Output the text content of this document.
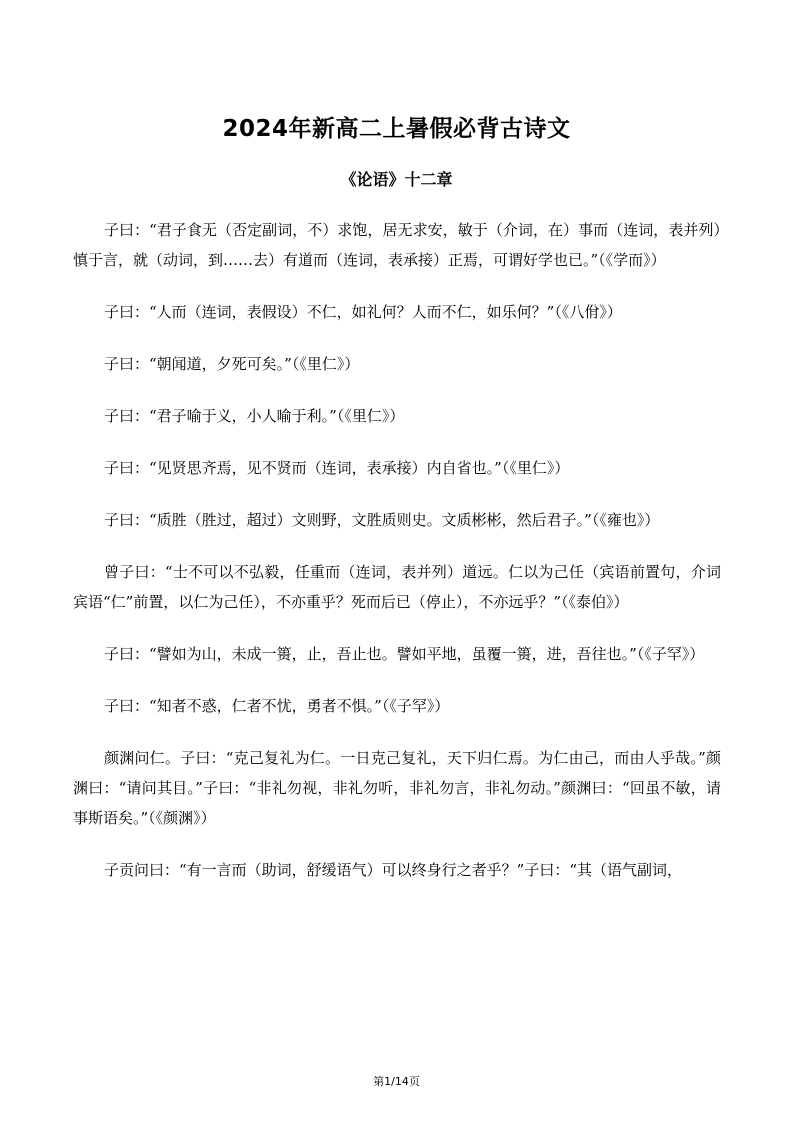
2024年新高二上暑假必背古诗文
《论语》十二章

子曰：“君子食无（否定副词，不）求饱，居无求安，敏于（介词，在）事而（连词，表并列）慎于言，就（动词，到……去）有道而（连词，表承接）正焉，可谓好学也已。”（《学而》）

子曰：“人而（连词，表假设）不仁，如礼何？人而不仁，如乐何？”（《八佾》）

子曰：“朝闻道，夕死可矣。”（《里仁》）

子曰：“君子喻于义，小人喻于利。”（《里仁》）

子曰：“见贤思齐焉，见不贤而（连词，表承接）内自省也。”（《里仁》）

子曰：“质胜（胜过，超过）文则野，文胜质则史。文质彬彬，然后君子。”（《雍也》）

曾子曰：“士不可以不弘毅，任重而（连词，表并列）道远。仁以为己任（宾语前置句，介词宾语“仁”前置，以仁为己任），不亦重乎？死而后已（停止），不亦远乎？”（《泰伯》）

子曰：“譬如为山，未成一篑，止，吾止也。譬如平地，虽覆一篑，进，吾往也。”（《子罕》）

子曰：“知者不惑，仁者不忧，勇者不惧。”（《子罕》）

颜渊问仁。子曰：“克己复礼为仁。一日克己复礼，天下归仁焉。为仁由己，而由人乎哉。”颜渊曰：“请问其目。”子曰：“非礼勿视，非礼勿听，非礼勿言，非礼勿动。”颜渊曰：“回虽不敏，请事斯语矣。”（《颜渊》）

子贡问曰：“有一言而（助词，舒缓语气）可以终身行之者乎？”子曰：“其（语气副词，

第1/14页
